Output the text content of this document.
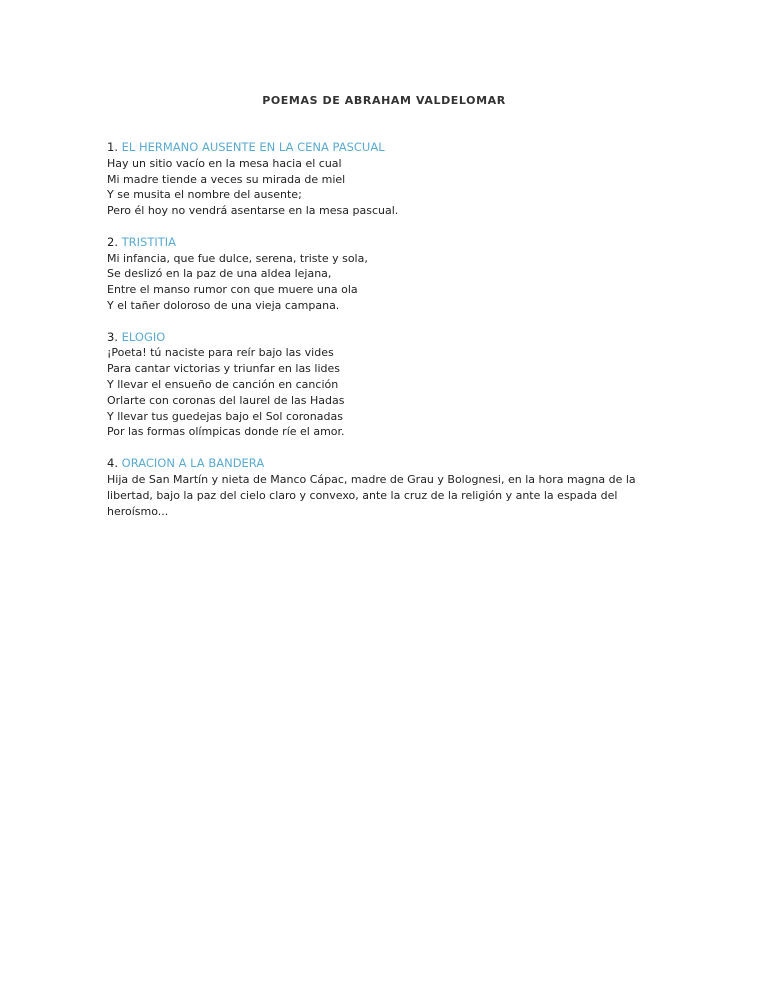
POEMAS DE ABRAHAM VALDELOMAR

1. EL HERMANO AUSENTE EN LA CENA PASCUAL

Hay un sitio vacío en la mesa hacia el cual

Mi madre tiende a veces su mirada de miel

Y se musita el nombre del ausente;

Pero él hoy no vendrá asentarse en la mesa pascual.

2. TRISTITIA

Mi infancia, que fue dulce, serena, triste y sola,

Se deslizó en la paz de una aldea lejana,

Entre el manso rumor con que muere una ola

Y el tañer doloroso de una vieja campana.

3. ELOGIO

¡Poeta! tú naciste para reír bajo las vides

Para cantar victorias y triunfar en las lides

Y llevar el ensueño de canción en canción

Orlarte con coronas del laurel de las Hadas

Y llevar tus guedejas bajo el Sol coronadas

Por las formas olímpicas donde ríe el amor.

4. ORACION A LA BANDERA

Hija de San Martín y nieta de Manco Cápac, madre de Grau y Bolognesi, en la hora magna de la libertad, bajo la paz del cielo claro y convexo, ante la cruz de la religión y ante la espada del heroísmo...
